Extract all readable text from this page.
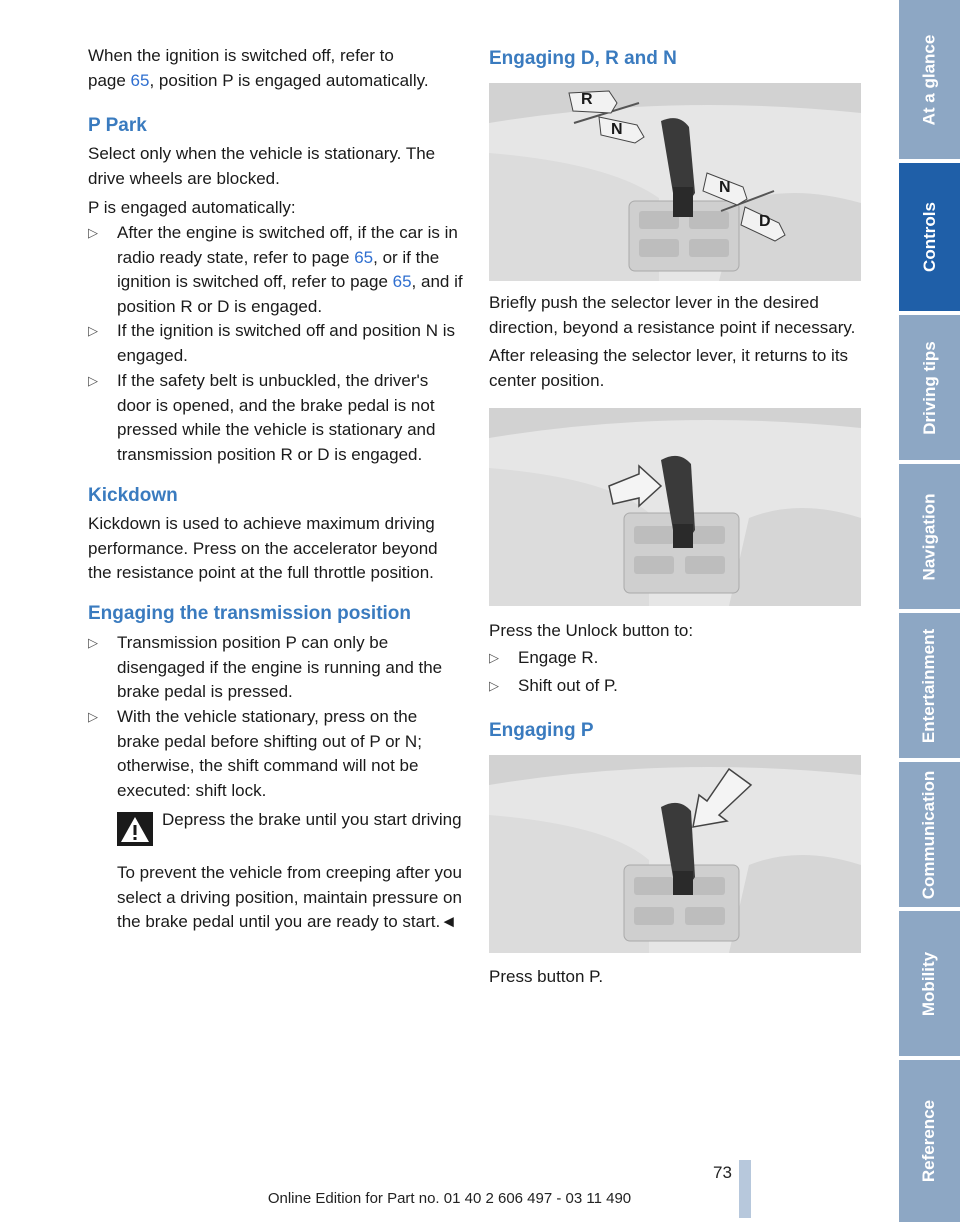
When the ignition is switched off, refer to
page 65, position P is engaged automatically.

P Park

Select only when the vehicle is stationary. The drive wheels are blocked.

P is engaged automatically:

▷ After the engine is switched off, if the car is in radio ready state, refer to page 65, or if the ignition is switched off, refer to page 65, and if position R or D is engaged.
▷ If the ignition is switched off and position N is engaged.
▷ If the safety belt is unbuckled, the driver's door is opened, and the brake pedal is not pressed while the vehicle is stationary and transmission position R or D is engaged.
Kickdown

Kickdown is used to achieve maximum driving performance. Press on the accelerator beyond the resistance point at the full throttle position.

Engaging the transmission position
▷ Transmission position P can only be disengaged if the engine is running and the brake pedal is pressed.
▷ With the vehicle stationary, press on the brake pedal before shifting out of P or N; otherwise, the shift command will not be executed: shift lock.

Depress the brake until you start driving

To prevent the vehicle from creeping after you select a driving position, maintain pressure on the brake pedal until you are ready to start.◄

Engaging D, R and N
R
N
N
D

Briefly push the selector lever in the desired direction, beyond a resistance point if necessary.

After releasing the selector lever, it returns to its center position.

Press the Unlock button to:

▷ Engage R.
▷ Shift out of P.
Engaging P

Press button P.

At a glance
Controls
Driving tips
Navigation
Entertainment
Communication
Mobility
Reference
73
Online Edition for Part no. 01 40 2 606 497 - 03 11 490
